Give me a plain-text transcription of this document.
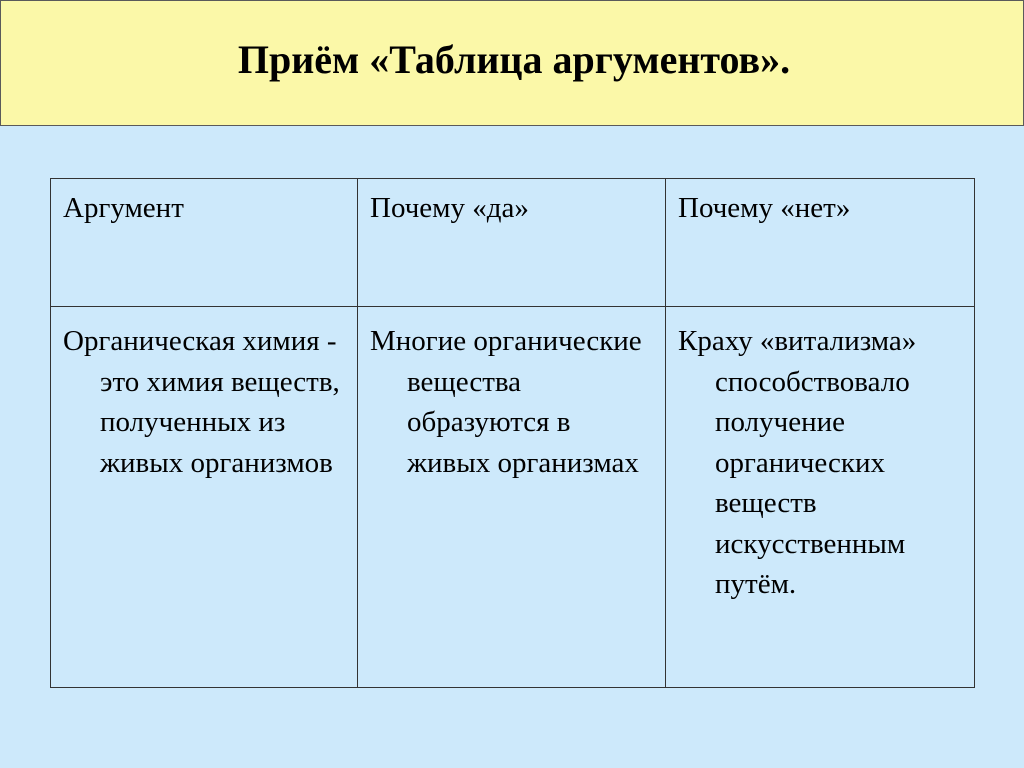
Приём «Таблица аргументов».
Аргумент	Почему «да»	Почему «нет»

Органическая химия - это химия веществ, полученных из живых организмов	Многие органические вещества образуются в живых организмах	Краху «витализма» способствовало получение органических веществ искусственным путём.
